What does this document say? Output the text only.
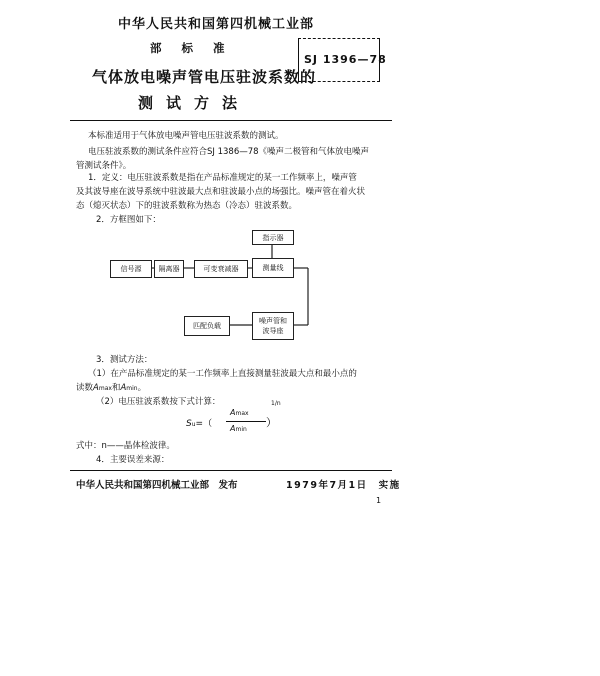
中华人民共和国第四机械工业部
部标准
气体放电噪声管电压驻波系数的
测试方法
SJ 1396—78
本标准适用于气体放电噪声管电压驻波系数的测试。
电压驻波系数的测试条件应符合SJ 1386—78《噪声二极管和气体放电噪声
管测试条件》。
1．定义：电压驻波系数是指在产品标准规定的某一工作频率上，噪声管
及其波导座在波导系统中驻波最大点和驻波最小点的场强比。噪声管在着火状
态（熄灭状态）下的驻波系数称为热态（冷态）驻波系数。
2．方框图如下：
指示器
信号源 隔离器	可变衰减器	测量线
匹配负载
噪声管和
波导座
3．测试方法：
（1）在产品标准规定的某一工作频率上直接测量驻波最大点和最小点的
读数Amax和Amin。
（2）电压驻波系数按下式计算：
Su=（
Amax
Amin
）
1/n
式中：n——晶体检波律。
4．主要误差来源：
中华人民共和国第四机械工业部　发布	1979年7月1日　实施
1
